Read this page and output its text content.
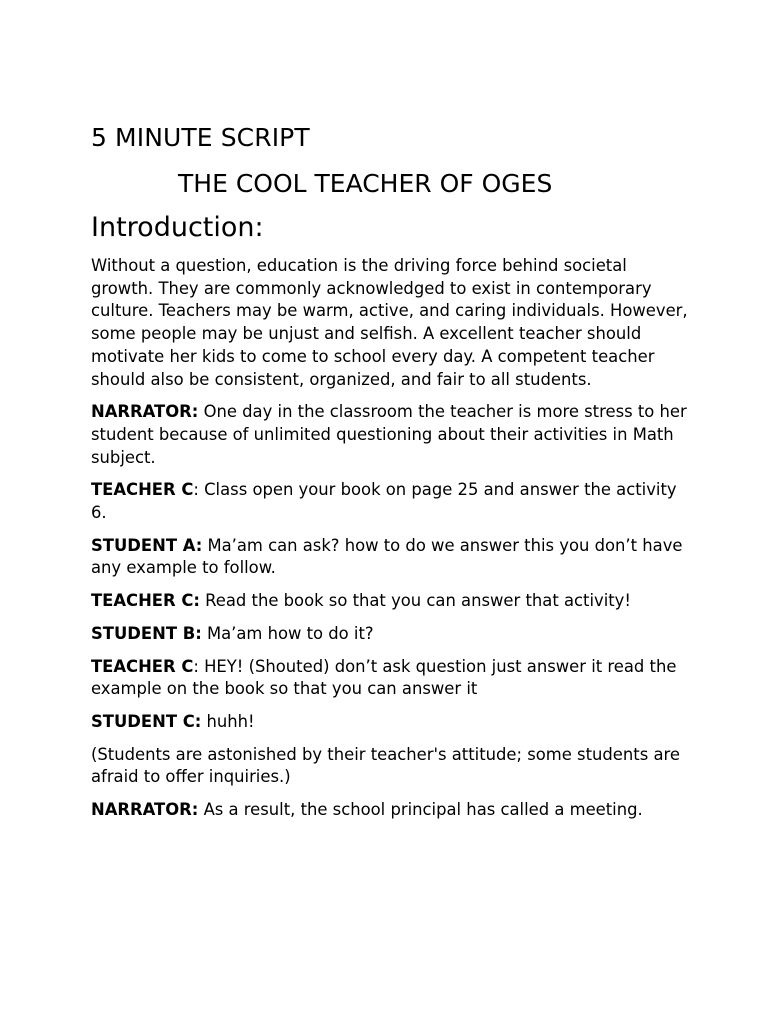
5 MINUTE SCRIPT
THE COOL TEACHER OF OGES
Introduction:

Without a question, education is the driving force behind societal growth. They are commonly acknowledged to exist in contemporary culture. Teachers may be warm, active, and caring individuals. However, some people may be unjust and selfish. A excellent teacher should motivate her kids to come to school every day. A competent teacher should also be consistent, organized, and fair to all students.

NARRATOR: One day in the classroom the teacher is more stress to her student because of unlimited questioning about their activities in Math subject.

TEACHER C: Class open your book on page 25 and answer the activity 6.

STUDENT A: Ma’am can ask? how to do we answer this you don’t have any example to follow.

TEACHER C: Read the book so that you can answer that activity!

STUDENT B: Ma’am how to do it?

TEACHER C: HEY! (Shouted) don’t ask question just answer it read the example on the book so that you can answer it

STUDENT C: huhh!

(Students are astonished by their teacher's attitude; some students are afraid to offer inquiries.)

NARRATOR: As a result, the school principal has called a meeting.
